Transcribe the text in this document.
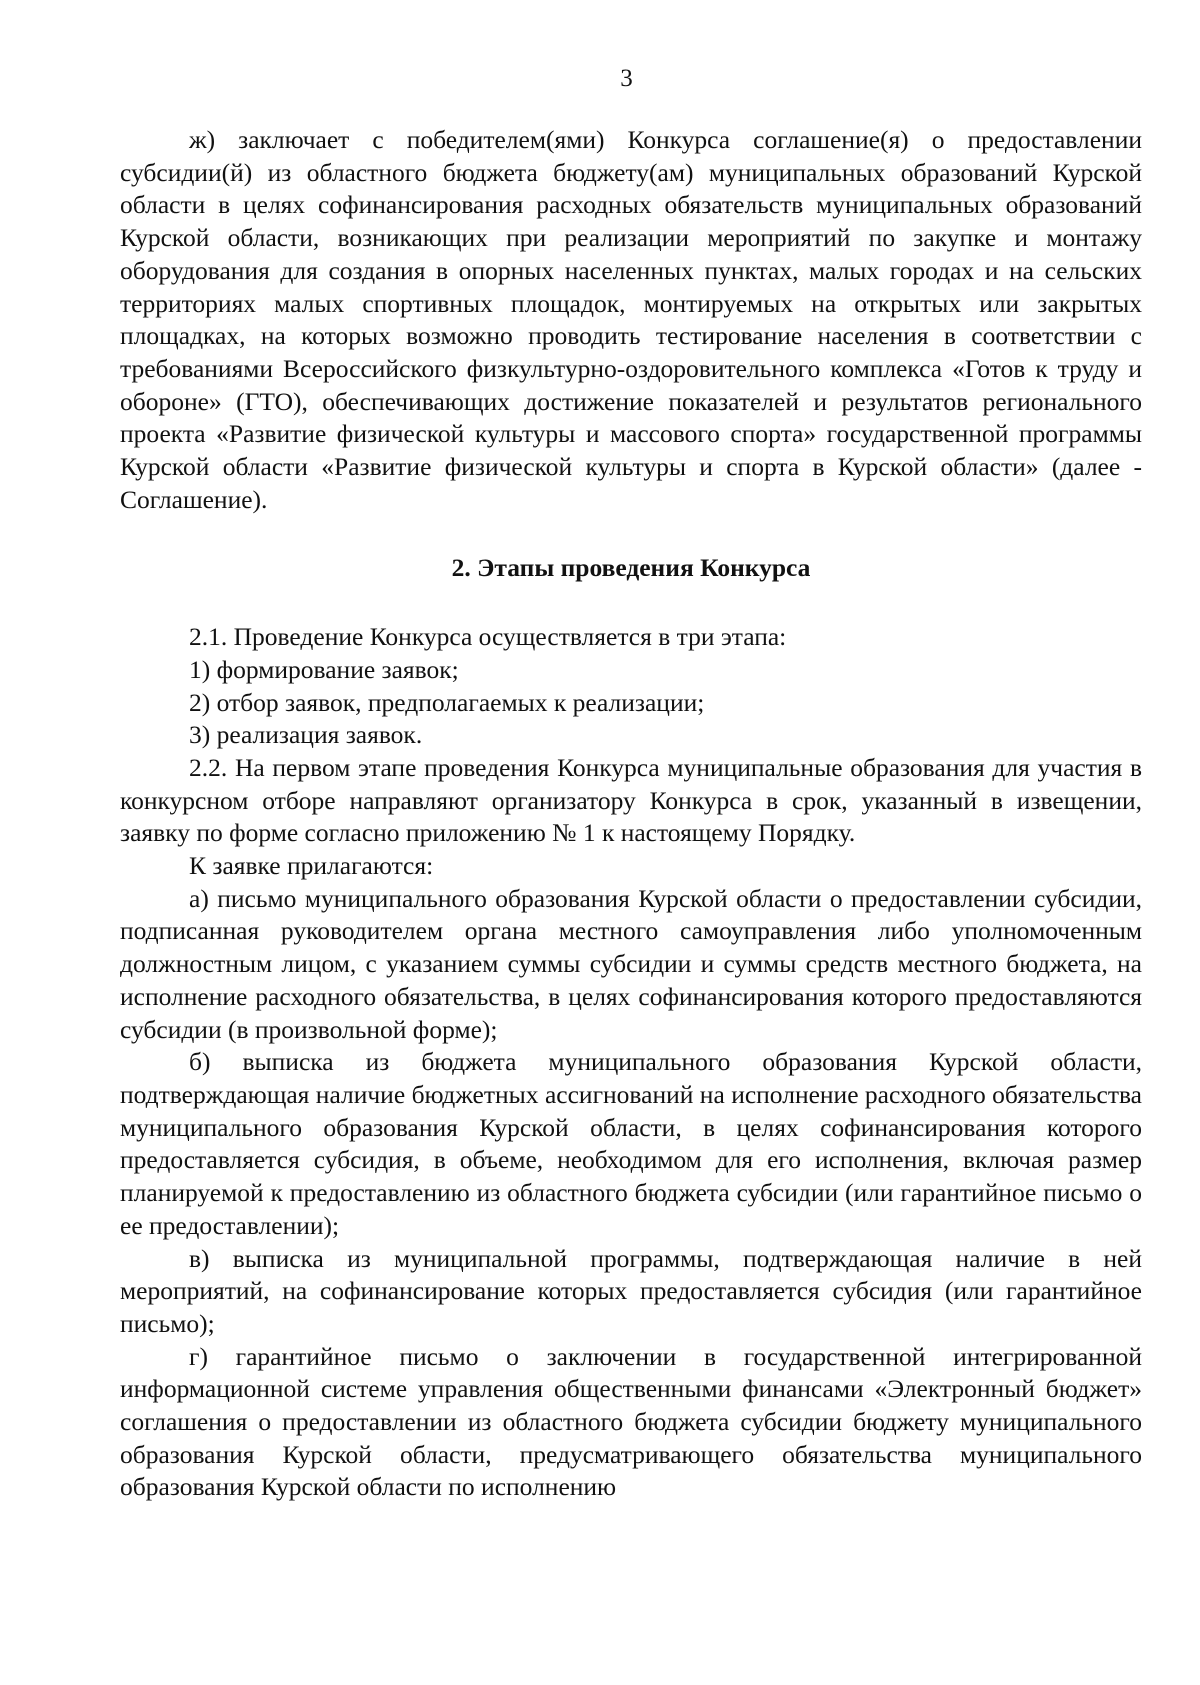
3

ж) заключает с победителем(ями) Конкурса соглашение(я) о предоставлении субсидии(й) из областного бюджета бюджету(ам) муниципальных образований Курской области в целях софинансирования расходных обязательств муниципальных образований Курской области, возникающих при реализации мероприятий по закупке и монтажу оборудования для создания в опорных населенных пунктах, малых городах и на сельских территориях малых спортивных площадок, монтируемых на открытых или закрытых площадках, на которых возможно проводить тестирование населения в соответствии с требованиями Всероссийского физкультурно-оздоровительного комплекса «Готов к труду и обороне» (ГТО), обеспечивающих достижение показателей и результатов регионального проекта «Развитие физической культуры и массового спорта» государственной программы Курской области «Развитие физической культуры и спорта в Курской области» (далее - Соглашение).

2. Этапы проведения Конкурса

2.1. Проведение Конкурса осуществляется в три этапа:

1) формирование заявок;

2) отбор заявок, предполагаемых к реализации;

3) реализация заявок.

2.2. На первом этапе проведения Конкурса муниципальные образования для участия в конкурсном отборе направляют организатору Конкурса в срок, указанный в извещении, заявку по форме согласно приложению № 1 к настоящему Порядку.

К заявке прилагаются:

а) письмо муниципального образования Курской области о предоставлении субсидии, подписанная руководителем органа местного самоуправления либо уполномоченным должностным лицом, с указанием суммы субсидии и суммы средств местного бюджета, на исполнение расходного обязательства, в целях софинансирования которого предоставляются субсидии (в произвольной форме);

б) выписка из бюджета муниципального образования Курской области, подтверждающая наличие бюджетных ассигнований на исполнение расходного обязательства муниципального образования Курской области, в целях софинансирования которого предоставляется субсидия, в объеме, необходимом для его исполнения, включая размер планируемой к предоставлению из областного бюджета субсидии (или гарантийное письмо о ее предоставлении);

в) выписка из муниципальной программы, подтверждающая наличие в ней мероприятий, на софинансирование которых предоставляется субсидия (или гарантийное письмо);

г) гарантийное письмо о заключении в государственной интегрированной информационной системе управления общественными финансами «Электронный бюджет» соглашения о предоставлении из областного бюджета субсидии бюджету муниципального образования Курской области, предусматривающего обязательства муниципального образования Курской области по исполнению
